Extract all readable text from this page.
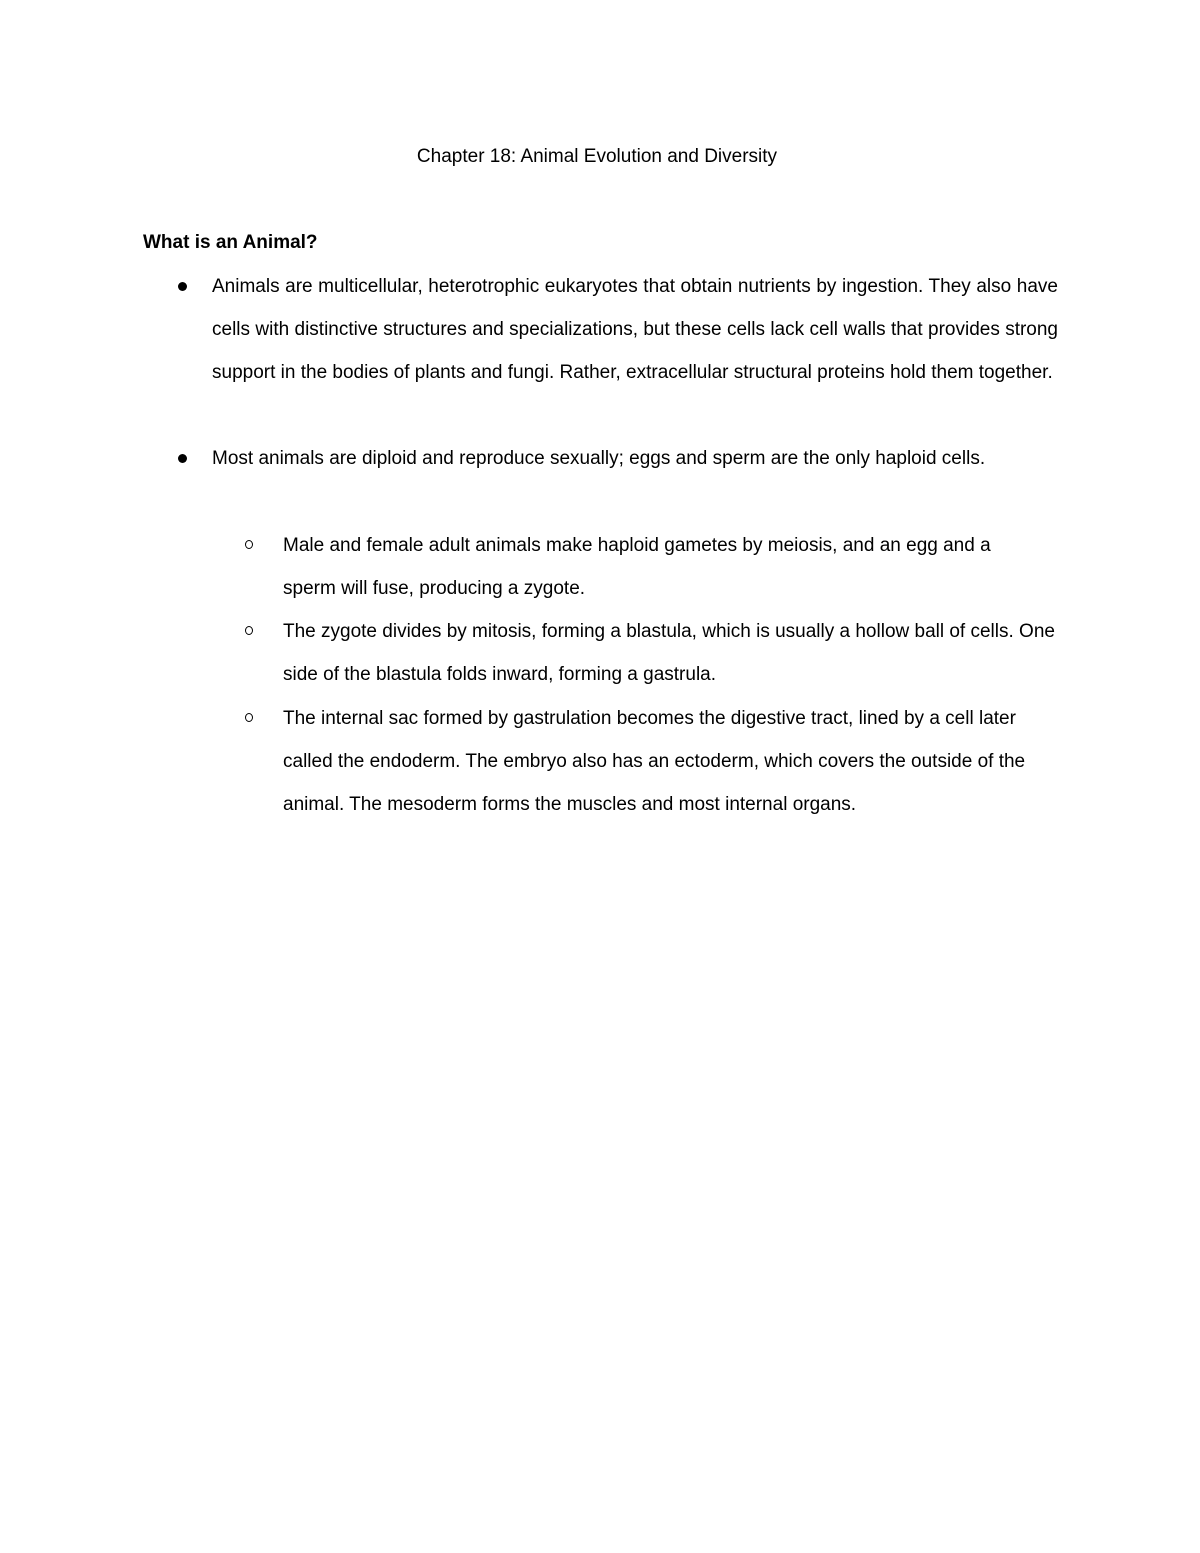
Chapter 18: Animal Evolution and Diversity
What is an Animal?
Animals are multicellular, heterotrophic eukaryotes that obtain nutrients by ingestion. They also have cells with distinctive structures and specializations, but these cells lack cell walls that provides strong support in the bodies of plants and fungi. Rather, extracellular structural proteins hold them together.
Most animals are diploid and reproduce sexually; eggs and sperm are the only haploid cells.
Male and female adult animals make haploid gametes by meiosis, and an egg and a sperm will fuse, producing a zygote.
The zygote divides by mitosis, forming a blastula, which is usually a hollow ball of cells. One side of the blastula folds inward, forming a gastrula.
The internal sac formed by gastrulation becomes the digestive tract, lined by a cell later called the endoderm. The embryo also has an ectoderm, which covers the outside of the animal. The mesoderm forms the muscles and most internal organs.
